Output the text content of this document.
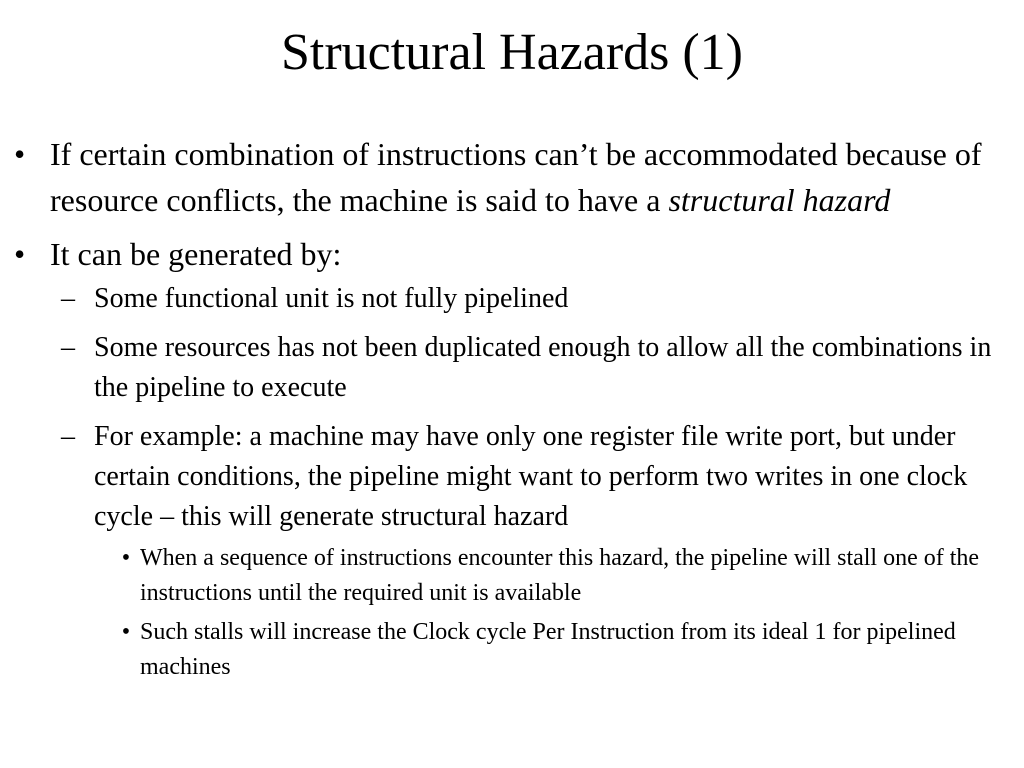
Structural Hazards (1)
• If certain combination of instructions can’t be accommodated because of resource conflicts, the machine is said to have a structural hazard
• It can be generated by:
– Some functional unit is not fully pipelined
– Some resources has not been duplicated enough to allow all the combinations in the pipeline to execute
– For example: a machine may have only one register file write port, but under certain conditions, the pipeline might want to perform two writes in one clock cycle – this will generate structural hazard
• When a sequence of instructions encounter this hazard, the pipeline will stall one of the instructions until the required unit is available
• Such stalls will increase the Clock cycle Per Instruction from its ideal 1 for pipelined machines
